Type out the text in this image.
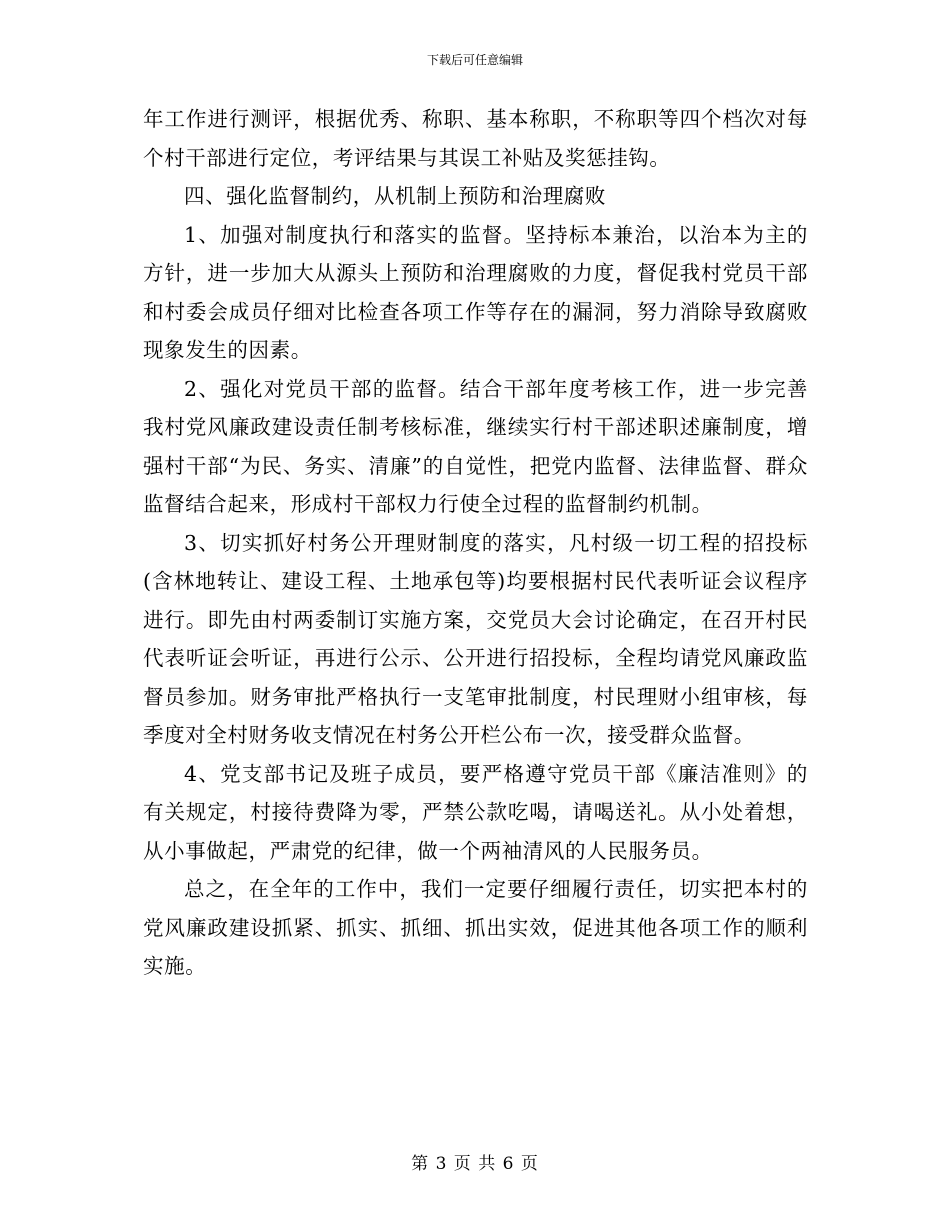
下载后可任意编辑

年工作进行测评，根据优秀、称职、基本称职，不称职等四个档次对每个村干部进行定位，考评结果与其误工补贴及奖惩挂钩。

四、强化监督制约，从机制上预防和治理腐败

1、加强对制度执行和落实的监督。坚持标本兼治，以治本为主的方针，进一步加大从源头上预防和治理腐败的力度，督促我村党员干部和村委会成员仔细对比检查各项工作等存在的漏洞，努力消除导致腐败现象发生的因素。

2、强化对党员干部的监督。结合干部年度考核工作，进一步完善我村党风廉政建设责任制考核标准，继续实行村干部述职述廉制度，增强村干部“为民、务实、清廉”的自觉性，把党内监督、法律监督、群众监督结合起来，形成村干部权力行使全过程的监督制约机制。

3、切实抓好村务公开理财制度的落实，凡村级一切工程的招投标(含林地转让、建设工程、土地承包等)均要根据村民代表听证会议程序进行。即先由村两委制订实施方案，交党员大会讨论确定，在召开村民代表听证会听证，再进行公示、公开进行招投标，全程均请党风廉政监督员参加。财务审批严格执行一支笔审批制度，村民理财小组审核，每季度对全村财务收支情况在村务公开栏公布一次，接受群众监督。

4、党支部书记及班子成员，要严格遵守党员干部《廉洁准则》的有关规定，村接待费降为零，严禁公款吃喝，请喝送礼。从小处着想，从小事做起，严肃党的纪律，做一个两袖清风的人民服务员。

总之，在全年的工作中，我们一定要仔细履行责任，切实把本村的党风廉政建设抓紧、抓实、抓细、抓出实效，促进其他各项工作的顺利实施。

第 3 页 共 6 页
